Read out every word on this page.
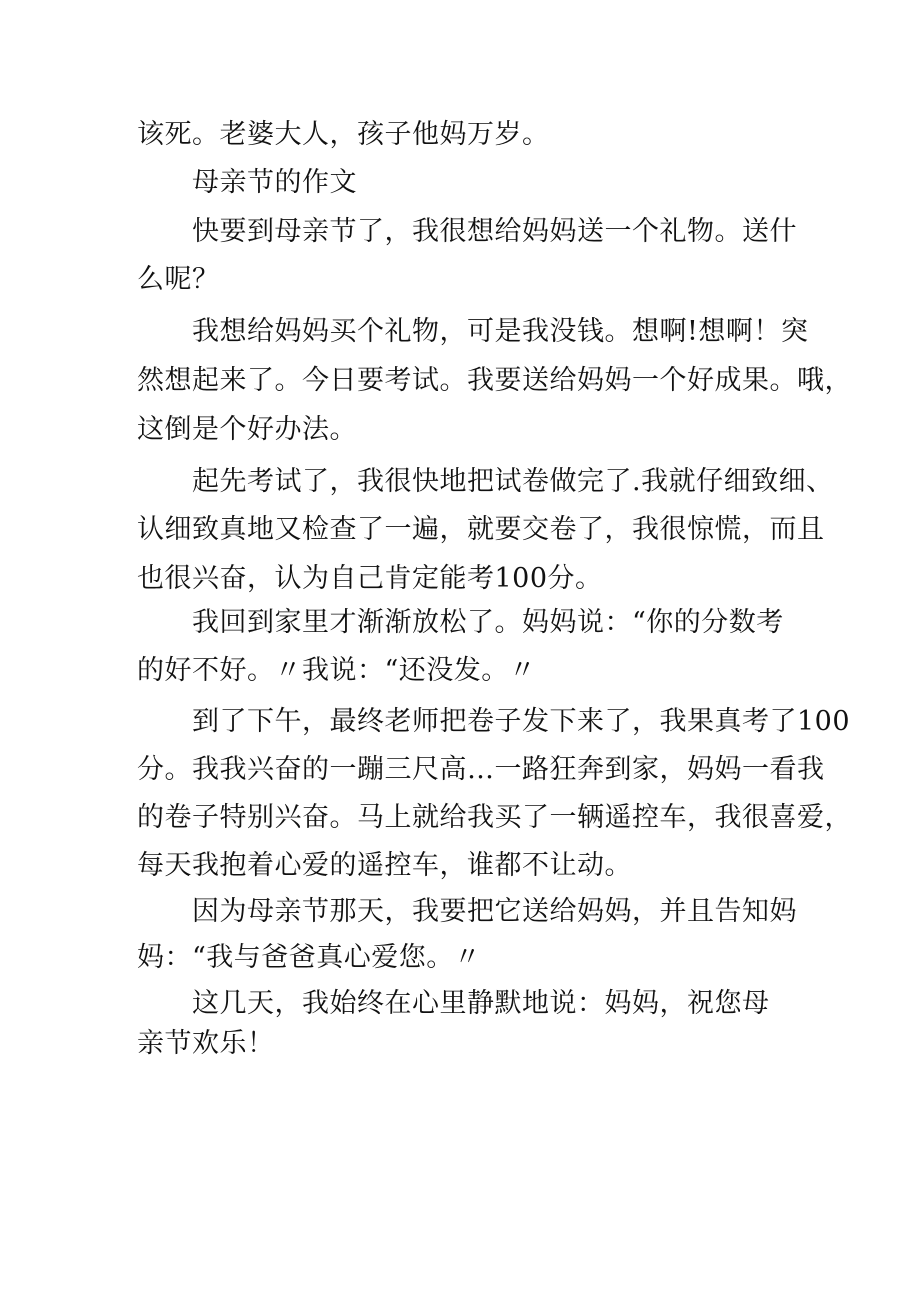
该死。老婆大人，孩子他妈万岁。

母亲节的作文

快要到母亲节了，我很想给妈妈送一个礼物。送什

么呢？

我想给妈妈买个礼物，可是我没钱。想啊!想啊！突

然想起来了。今日要考试。我要送给妈妈一个好成果。哦，

这倒是个好办法。

起先考试了，我很快地把试卷做完了.我就仔细致细、

认细致真地又检查了一遍，就要交卷了，我很惊慌，而且

也很兴奋，认为自己肯定能考100分。

我回到家里才渐渐放松了。妈妈说：“你的分数考

的好不好。〃我说：“还没发。〃

到了下午，最终老师把卷子发下来了，我果真考了100

分。我我兴奋的一蹦三尺高…一路狂奔到家，妈妈一看我

的卷子特别兴奋。马上就给我买了一辆遥控车，我很喜爱，

每天我抱着心爱的遥控车，谁都不让动。

因为母亲节那天，我要把它送给妈妈，并且告知妈

妈：“我与爸爸真心爱您。〃

这几天，我始终在心里静默地说：妈妈，祝您母

亲节欢乐！
